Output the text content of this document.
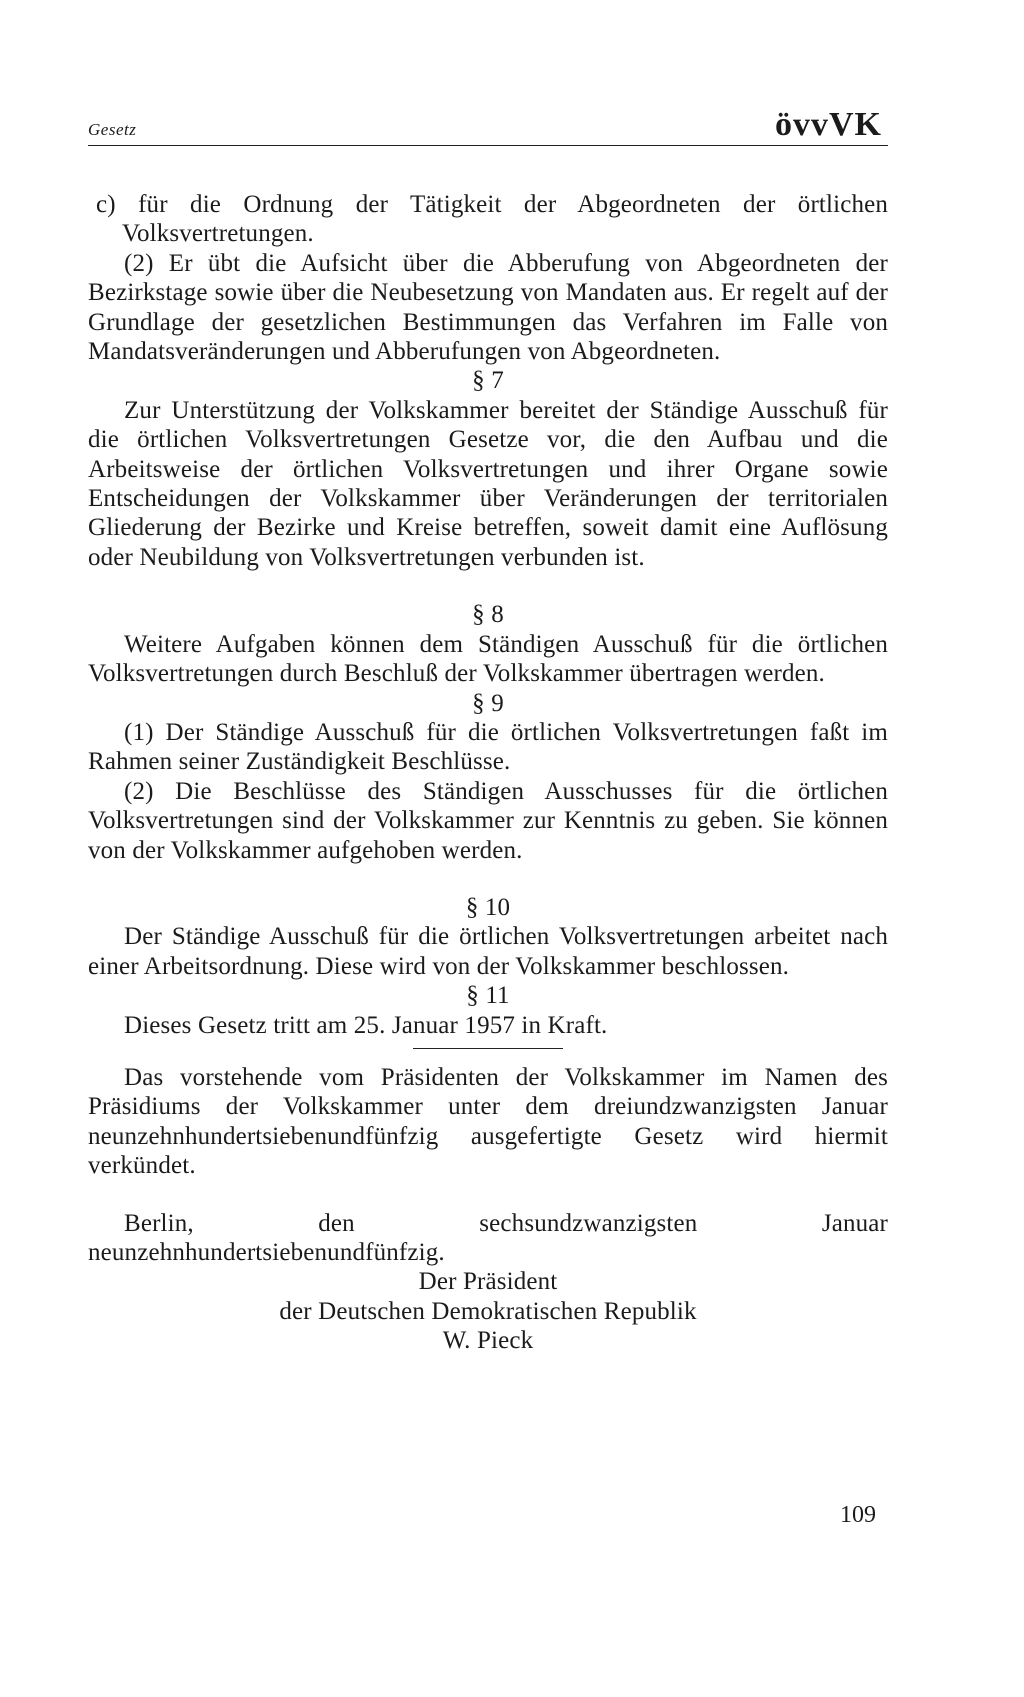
Gesetz	övvVK

c) für die Ordnung der Tätigkeit der Abgeordneten der örtlichen Volksvertretungen.

(2) Er übt die Aufsicht über die Abberufung von Abgeordneten der Bezirkstage sowie über die Neubesetzung von Mandaten aus. Er regelt auf der Grundlage der gesetzlichen Bestimmungen das Verfahren im Falle von Mandatsveränderungen und Abberufungen von Abgeordneten.

§ 7

Zur Unterstützung der Volkskammer bereitet der Ständige Ausschuß für die örtlichen Volksvertretungen Gesetze vor, die den Aufbau und die Arbeitsweise der örtlichen Volksvertretungen und ihrer Organe sowie Entscheidungen der Volkskammer über Veränderungen der territorialen Gliederung der Bezirke und Kreise betreffen, soweit damit eine Auflösung oder Neubildung von Volksvertretungen verbunden ist.

§ 8

Weitere Aufgaben können dem Ständigen Ausschuß für die örtlichen Volksvertretungen durch Beschluß der Volkskammer übertragen werden.

§ 9

(1) Der Ständige Ausschuß für die örtlichen Volksvertretungen faßt im Rahmen seiner Zuständigkeit Beschlüsse.

(2) Die Beschlüsse des Ständigen Ausschusses für die örtlichen Volksvertretungen sind der Volkskammer zur Kenntnis zu geben. Sie können von der Volkskammer aufgehoben werden.

§ 10

Der Ständige Ausschuß für die örtlichen Volksvertretungen arbeitet nach einer Arbeitsordnung. Diese wird von der Volkskammer beschlossen.

§ 11

Dieses Gesetz tritt am 25. Januar 1957 in Kraft.

Das vorstehende vom Präsidenten der Volkskammer im Namen des Präsidiums der Volkskammer unter dem dreiundzwanzigsten Januar neunzehnhundertsiebenundfünfzig ausgefertigte Gesetz wird hiermit verkündet.

Berlin, den sechsundzwanzigsten Januar neunzehnhundertsiebenundfünfzig.

Der Präsident

der Deutschen Demokratischen Republik

W. Pieck

109
